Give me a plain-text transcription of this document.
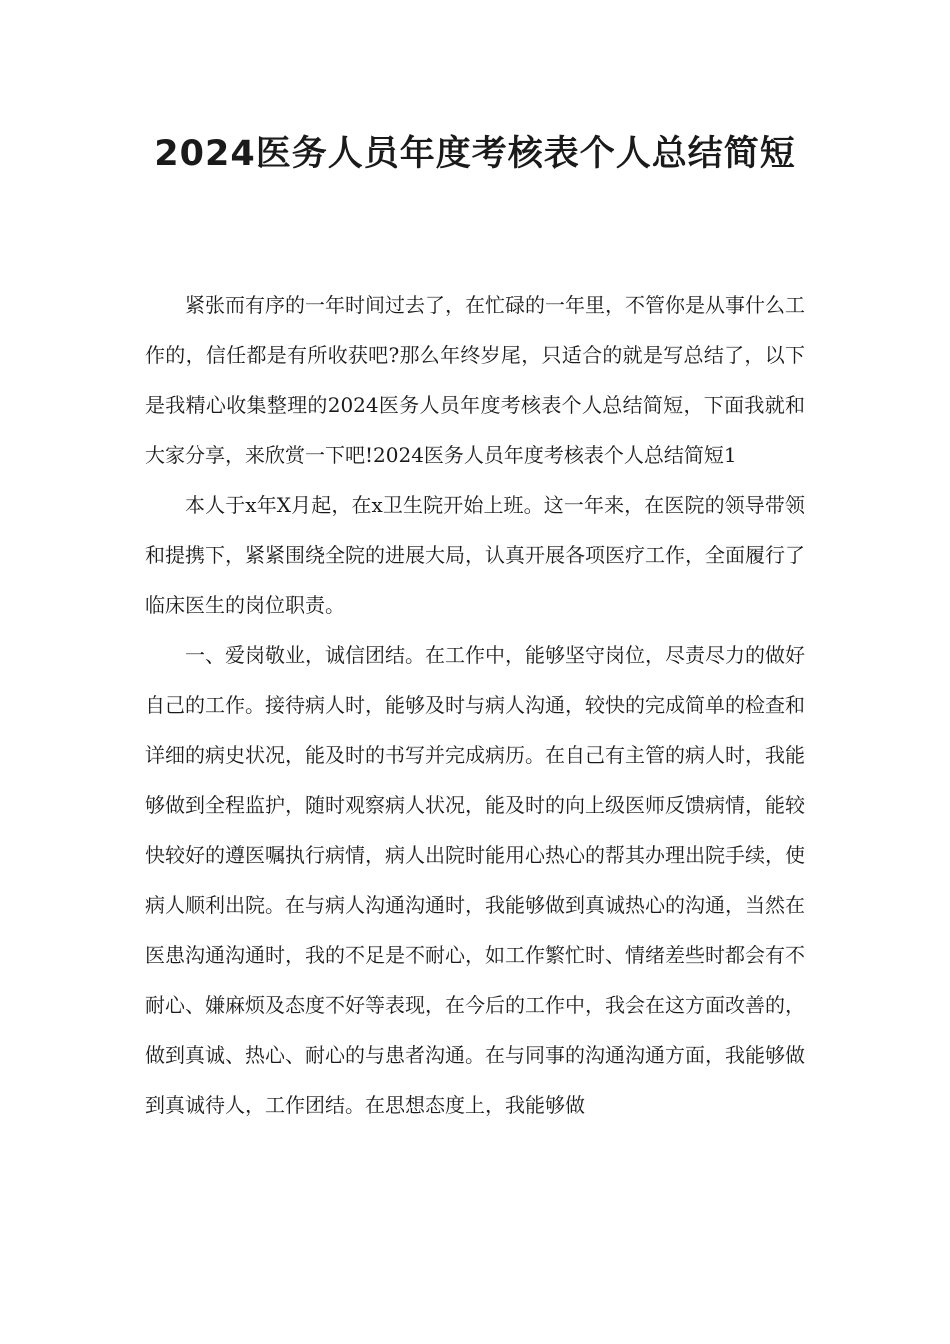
2024医务人员年度考核表个人总结简短

紧张而有序的一年时间过去了，在忙碌的一年里，不管你是从事什么工作的，信任都是有所收获吧?那么年终岁尾，只适合的就是写总结了，以下是我精心收集整理的2024医务人员年度考核表个人总结简短，下面我就和大家分享，来欣赏一下吧!2024医务人员年度考核表个人总结简短1

本人于x年X月起，在x卫生院开始上班。这一年来，在医院的领导带领和提携下，紧紧围绕全院的进展大局，认真开展各项医疗工作，全面履行了临床医生的岗位职责。

一、爱岗敬业，诚信团结。在工作中，能够坚守岗位，尽责尽力的做好自己的工作。接待病人时，能够及时与病人沟通，较快的完成简单的检查和详细的病史状况，能及时的书写并完成病历。在自己有主管的病人时，我能够做到全程监护，随时观察病人状况，能及时的向上级医师反馈病情，能较快较好的遵医嘱执行病情，病人出院时能用心热心的帮其办理出院手续，使病人顺利出院。在与病人沟通沟通时，我能够做到真诚热心的沟通，当然在医患沟通沟通时，我的不足是不耐心，如工作繁忙时、情绪差些时都会有不耐心、嫌麻烦及态度不好等表现，在今后的工作中，我会在这方面改善的，做到真诚、热心、耐心的与患者沟通。在与同事的沟通沟通方面，我能够做到真诚待人，工作团结。在思想态度上，我能够做
